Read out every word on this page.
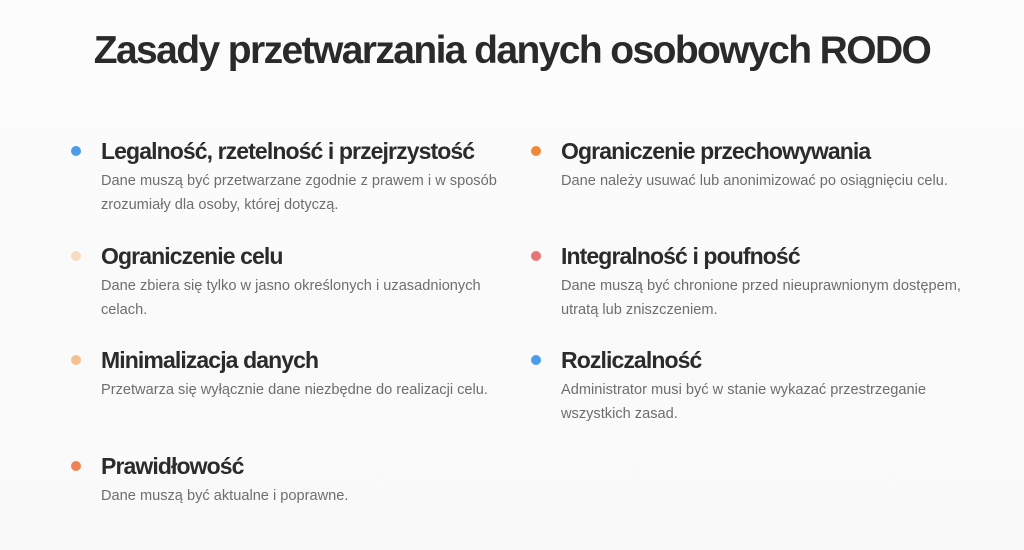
Zasady przetwarzania danych osobowych RODO
Legalność, rzetelność i przejrzystość

Dane muszą być przetwarzane zgodnie z prawem i w sposób zrozumiały dla osoby, której dotyczą.

Ograniczenie celu

Dane zbiera się tylko w jasno określonych i uzasadnionych celach.

Minimalizacja danych

Przetwarza się wyłącznie dane niezbędne do realizacji celu.

Prawidłowość

Dane muszą być aktualne i poprawne.

Ograniczenie przechowywania

Dane należy usuwać lub anonimizować po osiągnięciu celu.

Integralność i poufność

Dane muszą być chronione przed nieuprawnionym dostępem, utratą lub zniszczeniem.

Rozliczalność

Administrator musi być w stanie wykazać przestrzeganie wszystkich zasad.
